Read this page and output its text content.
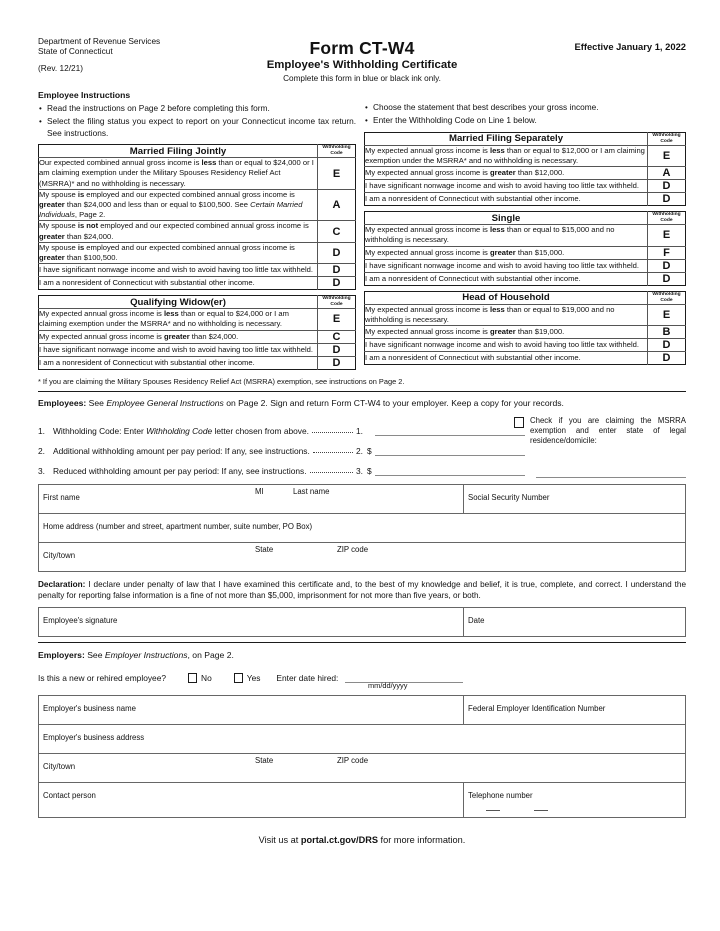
Department of Revenue Services
State of Connecticut
(Rev. 12/21)
Form CT-W4
Employee's Withholding Certificate
Complete this form in blue or black ink only.
Effective January 1, 2022
Employee Instructions
• Read the instructions on Page 2 before completing this form.
• Select the filing status you expect to report on your Connecticut income tax return. See instructions.
Married Filing Jointly	Withholding Code
Our expected combined annual gross income is less than or equal to $24,000 or I am claiming exemption under the Military Spouses Residency Relief Act (MSRRA)* and no withholding is necessary.	E
My spouse is employed and our expected combined annual gross income is greater than $24,000 and less than or equal to $100,500. See Certain Married Individuals, Page 2.	A
My spouse is not employed and our expected combined annual gross income is greater than $24,000.	C
My spouse is employed and our expected combined annual gross income is greater than $100,500.	D
I have significant nonwage income and wish to avoid having too little tax withheld.	D
I am a nonresident of Connecticut with substantial other income.	D
Qualifying Widow(er)	Withholding Code
My expected annual gross income is less than or equal to $24,000 or I am claiming exemption under the MSRRA* and no withholding is necessary.	E
My expected annual gross income is greater than $24,000.	C
I have significant nonwage income and wish to avoid having too little tax withheld.	D
I am a nonresident of Connecticut with substantial other income.	D
• Choose the statement that best describes your gross income.
• Enter the Withholding Code on Line 1 below.
Married Filing Separately	Withholding Code
My expected annual gross income is less than or equal to $12,000 or I am claiming exemption under the MSRRA* and no withholding is necessary.	E
My expected annual gross income is greater than $12,000.	A
I have significant nonwage income and wish to avoid having too little tax withheld.	D
I am a nonresident of Connecticut with substantial other income.	D
Single	Withholding Code
My expected annual gross income is less than or equal to $15,000 and no withholding is necessary.	E
My expected annual gross income is greater than $15,000.	F
I have significant nonwage income and wish to avoid having too little tax withheld.	D
I am a nonresident of Connecticut with substantial other income.	D
Head of Household	Withholding Code
My expected annual gross income is less than or equal to $19,000 and no withholding is necessary.	E
My expected annual gross income is greater than $19,000.	B
I have significant nonwage income and wish to avoid having too little tax withheld.	D
I am a nonresident of Connecticut with substantial other income.	D
* If you are claiming the Military Spouses Residency Relief Act (MSRRA) exemption, see instructions on Page 2.
Employees: See Employee General Instructions on Page 2. Sign and return Form CT-W4 to your employer. Keep a copy for your records.
1. Withholding Code: Enter Withholding Code letter chosen from above.	1.
2. Additional withholding amount per pay period: If any, see instructions.	2. $
3. Reduced withholding amount per pay period: If any, see instructions.	3. $
Check if you are claiming the MSRRA exemption and enter state of legal residence/domicile:
First name
MI	Last name
Social Security Number
Home address (number and street, apartment number, suite number, PO Box)
City/town
State	ZIP code
Declaration: I declare under penalty of law that I have examined this certificate and, to the best of my knowledge and belief, it is true, complete, and correct. I understand the penalty for reporting false information is a fine of not more than $5,000, imprisonment for not more than five years, or both.
Employee's signature	Date
Employers: See Employer Instructions, on Page 2.
Is this a new or rehired employee?	No	Yes Enter date hired:
mm/dd/yyyy
Employer's business name	Federal Employer Identification Number
Employer's business address
City/town
State	ZIP code
Contact person	Telephone number
Visit us at portal.ct.gov/DRS for more information.
